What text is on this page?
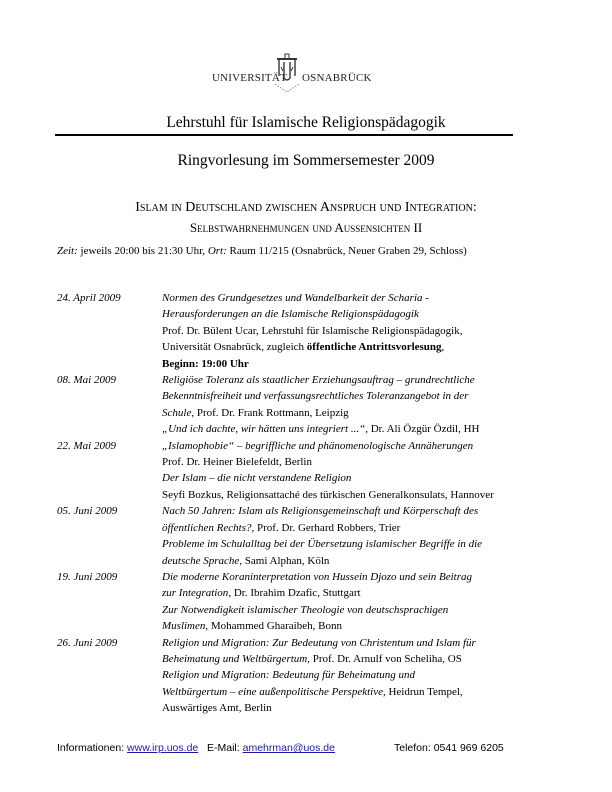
UNIVERSITÄT OSNABRÜCK
Lehrstuhl für Islamische Religionspädagogik
Ringvorlesung im Sommersemester 2009
Islam in Deutschland zwischen Anspruch und Integration:
Selbstwahrnehmungen und Außensichten II
Zeit: jeweils 20:00 bis 21:30 Uhr, Ort: Raum 11/215 (Osnabrück, Neuer Graben 29, Schloss)
24. April 2009	Normen des Grundgesetzes und Wandelbarkeit der Scharia -
Herausforderungen an die Islamische Religionspädagogik
Prof. Dr. Bülent Ucar, Lehrstuhl für Islamische Religionspädagogik,
Universität Osnabrück, zugleich öffentliche Antrittsvorlesung,
Beginn: 19:00 Uhr
08. Mai 2009	Religiöse Toleranz als staatlicher Erziehungsauftrag – grundrechtliche
Bekenntnisfreiheit und verfassungsrechtliches Toleranzangebot in der
Schule, Prof. Dr. Frank Rottmann, Leipzig
„Und ich dachte, wir hätten uns integriert ...“, Dr. Ali Özgür Özdil, HH
22. Mai 2009	„Islamophobie“ – begriffliche und phänomenologische Annäherungen
Prof. Dr. Heiner Bielefeldt, Berlin
Der Islam – die nicht verstandene Religion
Seyfi Bozkus, Religionsattaché des türkischen Generalkonsulats, Hannover
05. Juni 2009	Nach 50 Jahren: Islam als Religionsgemeinschaft und Körperschaft des
öffentlichen Rechts?, Prof. Dr. Gerhard Robbers, Trier
Probleme im Schulalltag bei der Übersetzung islamischer Begriffe in die
deutsche Sprache, Sami Alphan, Köln
19. Juni 2009	Die moderne Koraninterpretation von Hussein Djozo und sein Beitrag
zur Integration, Dr. Ibrahim Dzafic, Stuttgart
Zur Notwendigkeit islamischer Theologie von deutschsprachigen
Muslimen, Mohammed Gharaibeh, Bonn
26. Juni 2009	Religion und Migration: Zur Bedeutung von Christentum und Islam für
Beheimatung und Weltbürgertum, Prof. Dr. Arnulf von Scheliha, OS
Religion und Migration: Bedeutung für Beheimatung und
Weltbürgertum – eine außenpolitische Perspektive, Heidrun Tempel,
Auswärtiges Amt, Berlin
Informationen: www.irp.uos.de E-Mail: amehrman@uos.de	Telefon: 0541 969 6205
